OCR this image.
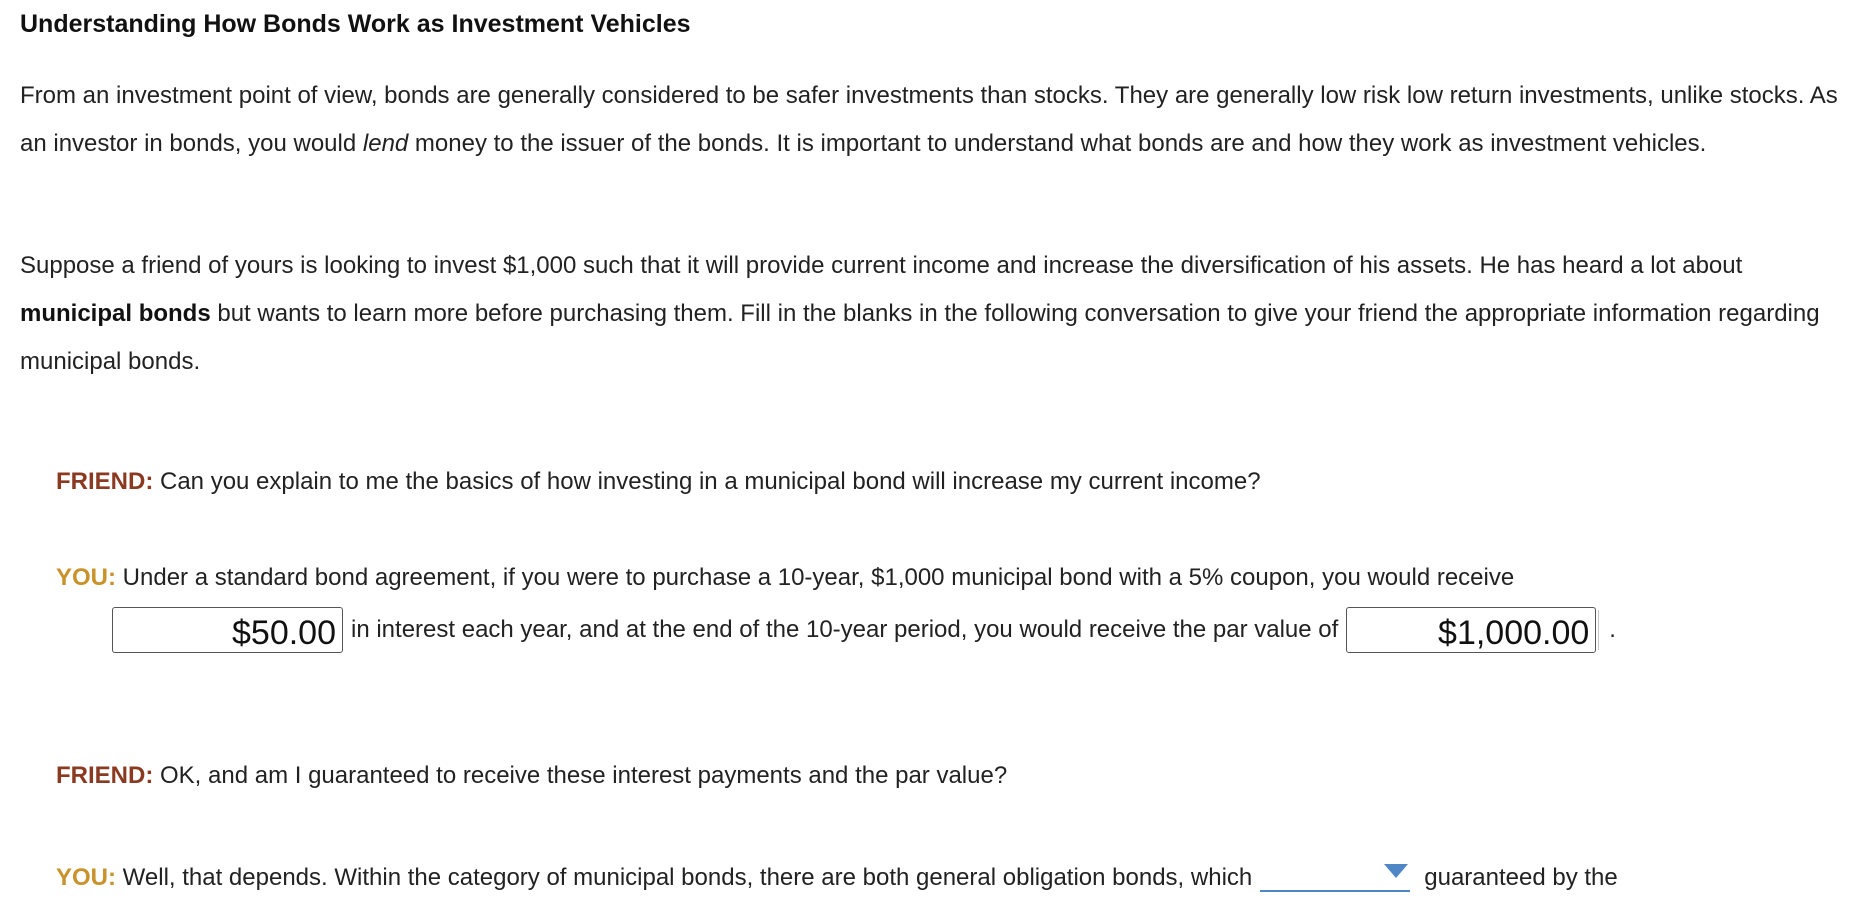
Understanding How Bonds Work as Investment Vehicles
From an investment point of view, bonds are generally considered to be safer investments than stocks. They are generally low risk low return investments, unlike stocks. As an investor in bonds, you would lend money to the issuer of the bonds. It is important to understand what bonds are and how they work as investment vehicles.
Suppose a friend of yours is looking to invest $1,000 such that it will provide current income and increase the diversification of his assets. He has heard a lot about municipal bonds but wants to learn more before purchasing them. Fill in the blanks in the following conversation to give your friend the appropriate information regarding municipal bonds.
FRIEND: Can you explain to me the basics of how investing in a municipal bond will increase my current income?
YOU: Under a standard bond agreement, if you were to purchase a 10-year, $1,000 municipal bond with a 5% coupon, you would receive
$50.00 in interest each year, and at the end of the 10-year period, you would receive the par value of	$1,000.00 .
FRIEND: OK, and am I guaranteed to receive these interest payments and the par value?
YOU: Well, that depends. Within the category of municipal bonds, there are both general obligation bonds, which	guaranteed by the
